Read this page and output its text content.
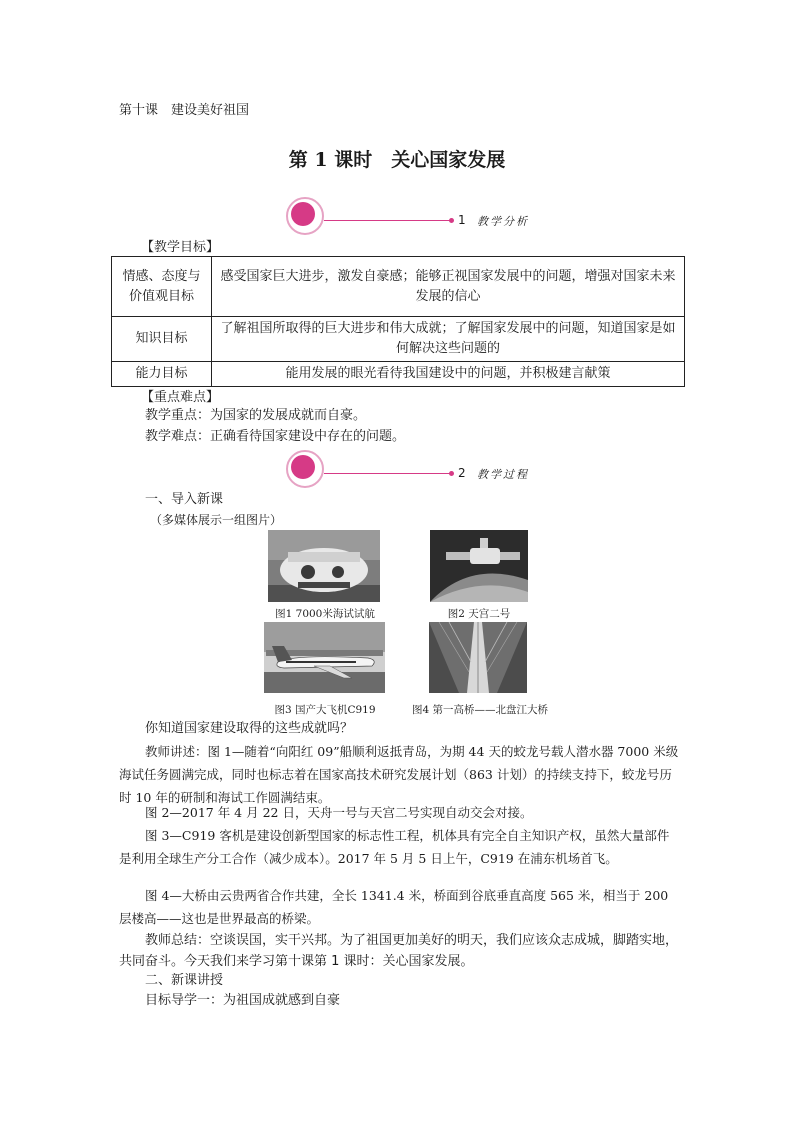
第十课　建设美好祖国
第 1 课时　关心国家发展
1 教学分析
【教学目标】
情感、态度与价值观目标	感受国家巨大进步，激发自豪感；能够正视国家发展中的问题，增强对国家未来发展的信心
知识目标	了解祖国所取得的巨大进步和伟大成就；了解国家发展中的问题，知道国家是如何解决这些问题的
能力目标	能用发展的眼光看待我国建设中的问题，并积极建言献策
【重点难点】
教学重点：为国家的发展成就而自豪。
教学难点：正确看待国家建设中存在的问题。
2 教学过程
一、导入新课
（多媒体展示一组图片）
图1 7000米海试试航	图2 天宫二号
图3 国产大飞机C919	图4 第一高桥——北盘江大桥
你知道国家建设取得的这些成就吗？
教师讲述：图 1—随着“向阳红 09”船顺利返抵青岛，为期 44 天的蛟龙号载人潜水器 7000 米级海试任务圆满完成，同时也标志着在国家高技术研究发展计划（863 计划）的持续支持下，蛟龙号历时 10 年的研制和海试工作圆满结束。
图 2—2017 年 4 月 22 日，天舟一号与天宫二号实现自动交会对接。
图 3—C919 客机是建设创新型国家的标志性工程，机体具有完全自主知识产权，虽然大量部件是利用全球生产分工合作（减少成本）。2017 年 5 月 5 日上午，C919 在浦东机场首飞。
图 4—大桥由云贵两省合作共建，全长 1341.4 米，桥面到谷底垂直高度 565 米，相当于 200 层楼高——这也是世界最高的桥梁。
教师总结：空谈误国，实干兴邦。为了祖国更加美好的明天，我们应该众志成城，脚踏实地，共同奋斗。今天我们来学习第十课第 1 课时：关心国家发展。
二、新课讲授
目标导学一：为祖国成就感到自豪
